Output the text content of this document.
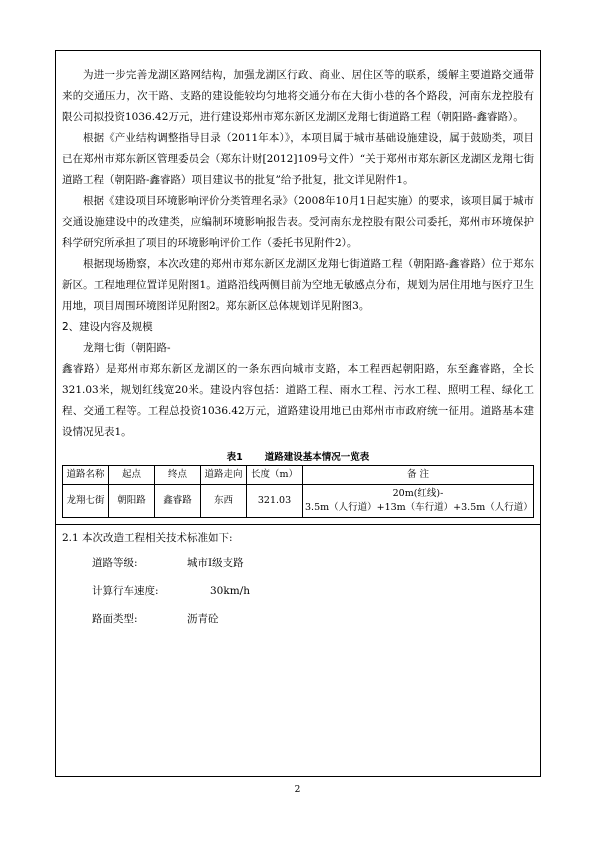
为进一步完善龙湖区路网结构，加强龙湖区行政、商业、居住区等的联系，缓解主要道路交通带来的交通压力，次干路、支路的建设能较均匀地将交通分布在大街小巷的各个路段，河南东龙控股有限公司拟投资1036.42万元，进行建设郑州市郑东新区龙湖区龙翔七街道路工程（朝阳路-鑫睿路）。

根据《产业结构调整指导目录（2011年本）》，本项目属于城市基础设施建设，属于鼓励类，项目已在郑州市郑东新区管理委员会（郑东计财[2012]109号文件）“关于郑州市郑东新区龙湖区龙翔七街道路工程（朝阳路-鑫睿路）项目建议书的批复”给予批复，批文详见附件1。

根据《建设项目环境影响评价分类管理名录》（2008年10月1日起实施）的要求，该项目属于城市交通设施建设中的改建类，应编制环境影响报告表。受河南东龙控股有限公司委托，郑州市环境保护科学研究所承担了项目的环境影响评价工作（委托书见附件2）。

根据现场勘察，本次改建的郑州市郑东新区龙湖区龙翔七街道路工程（朝阳路-鑫睿路）位于郑东新区。工程地理位置详见附图1。道路沿线两侧目前为空地无敏感点分布，规划为居住用地与医疗卫生用地，项目周围环境图详见附图2。郑东新区总体规划详见附图3。

2、建设内容及规模

龙翔七街（朝阳路-

鑫睿路）是郑州市郑东新区龙湖区的一条东西向城市支路，本工程西起朝阳路，东至鑫睿路，全长321.03米，规划红线宽20米。建设内容包括：道路工程、雨水工程、污水工程、照明工程、绿化工程、交通工程等。工程总投资1036.42万元，道路建设用地已由郑州市市政府统一征用。道路基本建设情况见表1。

表1 道路建设基本情况一览表
道路名称	起点	终点	道路走向	长度（m）	备 注
龙翔七街	朝阳路	鑫睿路	东西	321.03	20m(红线)-
3.5m（人行道）+13m（车行道）+3.5m（人行道）

2.1 本次改造工程相关技术标准如下:

道路等级:	城市Ⅰ级支路
计算行车速度:	30km/h
路面类型:	沥青砼
2
